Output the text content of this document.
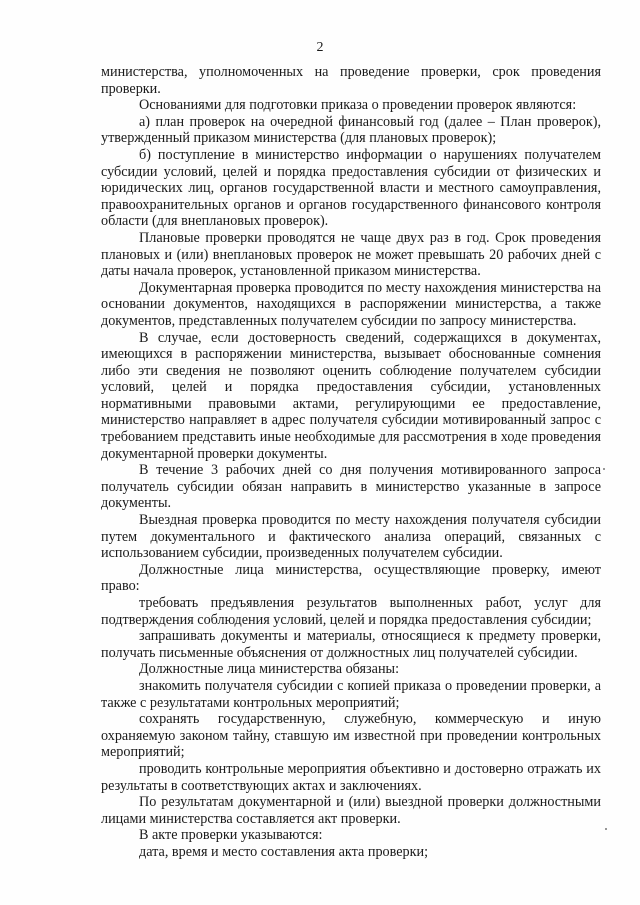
2

министерства, уполномоченных на проведение проверки, срок проведения проверки.

Основаниями для подготовки приказа о проведении проверок являются:

а) план проверок на очередной финансовый год (далее – План проверок), утвержденный приказом министерства (для плановых проверок);

б) поступление в министерство информации о нарушениях получателем субсидии условий, целей и порядка предоставления субсидии от физических и юридических лиц, органов государственной власти и местного самоуправления, правоохранительных органов и органов государственного финансового контроля области (для внеплановых проверок).

Плановые проверки проводятся не чаще двух раз в год. Срок проведения плановых и (или) внеплановых проверок не может превышать 20 рабочих дней с даты начала проверок, установленной приказом министерства.

Документарная проверка проводится по месту нахождения министерства на основании документов, находящихся в распоряжении министерства, а также документов, представленных получателем субсидии по запросу министерства.

В случае, если достоверность сведений, содержащихся в документах, имеющихся в распоряжении министерства, вызывает обоснованные сомнения либо эти сведения не позволяют оценить соблюдение получателем субсидии условий, целей и порядка предоставления субсидии, установленных нормативными правовыми актами, регулирующими ее предоставление, министерство направляет в адрес получателя субсидии мотивированный запрос с требованием представить иные необходимые для рассмотрения в ходе проведения документарной проверки документы.

В течение 3 рабочих дней со дня получения мотивированного запроса получатель субсидии обязан направить в министерство указанные в запросе документы.

Выездная проверка проводится по месту нахождения получателя субсидии путем документального и фактического анализа операций, связанных с использованием субсидии, произведенных получателем субсидии.

Должностные лица министерства, осуществляющие проверку, имеют право:

требовать предъявления результатов выполненных работ, услуг для подтверждения соблюдения условий, целей и порядка предоставления субсидии;

запрашивать документы и материалы, относящиеся к предмету проверки, получать письменные объяснения от должностных лиц получателей субсидии.

Должностные лица министерства обязаны:

знакомить получателя субсидии с копией приказа о проведении проверки, а также с результатами контрольных мероприятий;

сохранять государственную, служебную, коммерческую и иную охраняемую законом тайну, ставшую им известной при проведении контрольных мероприятий;

проводить контрольные мероприятия объективно и достоверно отражать их результаты в соответствующих актах и заключениях.

По результатам документарной и (или) выездной проверки должностными лицами министерства составляется акт проверки.

В акте проверки указываются:

дата, время и место составления акта проверки;
